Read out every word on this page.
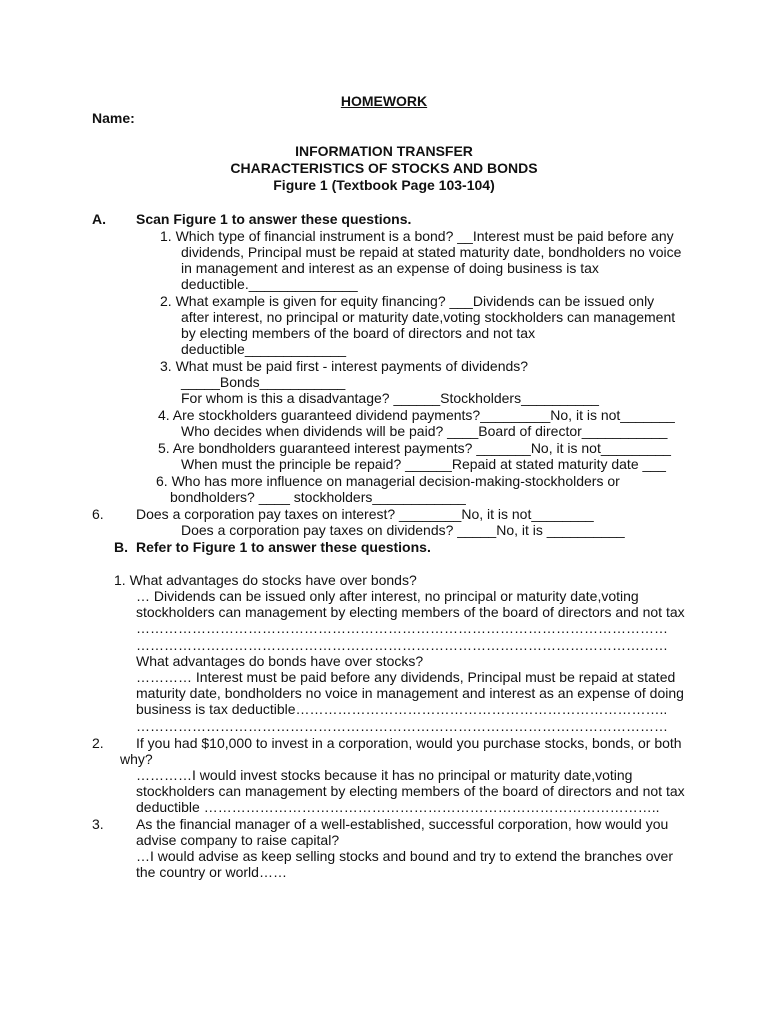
HOMEWORK
Name:
INFORMATION TRANSFER
CHARACTERISTICS OF STOCKS AND BONDS
Figure 1 (Textbook Page 103-104)
A. Scan Figure 1 to answer these questions.
1. Which type of financial instrument is a bond? __Interest must be paid before any
dividends, Principal must be repaid at stated maturity date, bondholders no voice
in management and interest as an expense of doing business is tax
deductible.______________
2. What example is given for equity financing? ___Dividends can be issued only
after interest, no principal or maturity date,voting stockholders can management
by electing members of the board of directors and not tax
deductible_____________
3. What must be paid first - interest payments of dividends?
_____Bonds___________
For whom is this a disadvantage? ______Stockholders__________
4. Are stockholders guaranteed dividend payments?_________No, it is not_______
Who decides when dividends will be paid? ____Board of director___________
5. Are bondholders guaranteed interest payments? _______No, it is not_________
When must the principle be repaid? ______Repaid at stated maturity date ___
6. Who has more influence on managerial decision-making-stockholders or
bondholders? ____ stockholders____________
6. Does a corporation pay taxes on interest? ________No, it is not________
Does a corporation pay taxes on dividends? _____No, it is __________
B. Refer to Figure 1 to answer these questions.
1. What advantages do stocks have over bonds?
… Dividends can be issued only after interest, no principal or maturity date,voting
stockholders can management by electing members of the board of directors and not tax
……………………………………………………………………………………………………
……………………………………………………………………………………………………
What advantages do bonds have over stocks?
………… Interest must be paid before any dividends, Principal must be repaid at stated
maturity date, bondholders no voice in management and interest as an expense of doing
business is tax deductible……………………………………………………………………..
……………………………………………………………………………………………………
2. If you had $10,000 to invest in a corporation, would you purchase stocks, bonds, or both
why?
…………I would invest stocks because it has no principal or maturity date,voting
stockholders can management by electing members of the board of directors and not tax
deductible ……………………………………………………………………………………..
3. As the financial manager of a well-established, successful corporation, how would you
advise company to raise capital?
…I would advise as keep selling stocks and bound and try to extend the branches over
the country or world……
